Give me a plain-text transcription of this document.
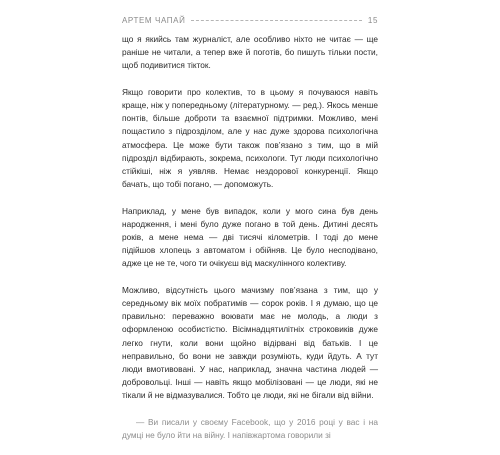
АРТЕМ ЧАПАЙ	15

що я якийсь там журналіст, але особливо ніхто не читає — ще раніше не читали, а тепер вже й поготів, бо пишуть тільки пости, щоб подивитися тікток.

Якщо говорити про колектив, то в цьому я почуваюся навіть краще, ніж у попередньому (літературному. — ред.). Якось менше понтів, більше доброти та взаємної підтримки. Можливо, мені пощастило з підрозділом, але у нас дуже здорова психологічна атмосфера. Це може бути також пов’язано з тим, що в мій підрозділ відбирають, зокрема, психологи. Тут люди психологічно стійкіші, ніж я уявляв. Немає нездорової конкуренції. Якщо бачать, що тобі погано, — допоможуть.

Наприклад, у мене був випадок, коли у мого сина був день народження, і мені було дуже погано в той день. Дитині десять років, а мене нема — дві тисячі кілометрів. І тоді до мене підійшов хлопець з автоматом і обійняв. Це було несподівано, адже це не те, чого ти очікуєш від маскулінного колективу.

Можливо, відсутність цього мачизму пов’язана з тим, що у середньому вік моїх побратимів — сорок років. І я думаю, що це правильно: переважно воювати має не молодь, а люди з оформленою особистістю. Вісімнадцятилітніх строковиків дуже легко гнути, коли вони щойно відірвані від батьків. І це неправильно, бо вони не завжди розуміють, куди йдуть. А тут люди вмотивовані. У нас, наприклад, значна частина людей — добровольці. Інші — навіть якщо мобілізовані — це люди, які не тікали й не відмазувалися. Тобто це люди, які не бігали від війни.

— Ви писали у своєму Facebook, що у 2016 році у вас і на думці не було йти на війну. І напівжартома говорили зі
